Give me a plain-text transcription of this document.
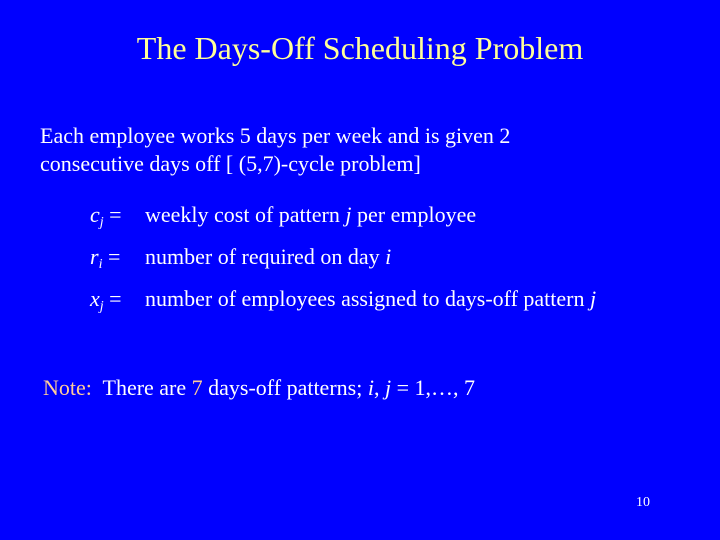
The Days-Off Scheduling Problem
Each employee works 5 days per week and is given 2
consecutive days off [ (5,7)-cycle problem]
$c_j$ = weekly cost of pattern j per employee
$r_i$ = number of required on day i
$x_j$ = number of employees assigned to days-off pattern j
Note: There are 7 days-off patterns; i, j = 1,…, 7
10
